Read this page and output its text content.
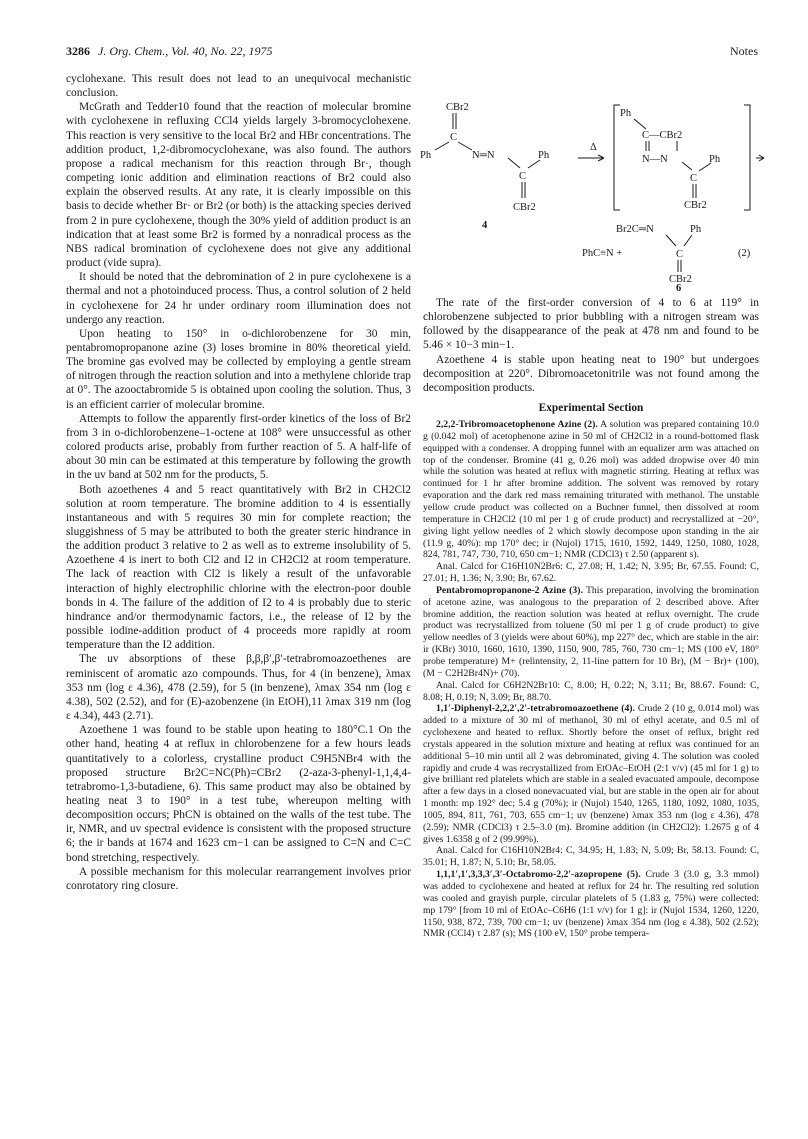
3286 J. Org. Chem., Vol. 40, No. 22, 1975	Notes

cyclohexane. This result does not lead to an unequivocal mechanistic conclusion.

McGrath and Tedder10 found that the reaction of molecular bromine with cyclohexene in refluxing CCl4 yields largely 3-bromocyclohexene. This reaction is very sensitive to the local Br2 and HBr concentrations. The addition product, 1,2-dibromocyclohexane, was also found. The authors propose a radical mechanism for this reaction through Br·, though competing ionic addition and elimination reactions of Br2 could also explain the observed results. At any rate, it is clearly impossible on this basis to decide whether Br· or Br2 (or both) is the attacking species derived from 2 in pure cyclohexene, though the 30% yield of addition product is an indication that at least some Br2 is formed by a nonradical process as the NBS radical bromination of cyclohexene does not give any additional product (vide supra).

It should be noted that the debromination of 2 in pure cyclohexene is a thermal and not a photoinduced process. Thus, a control solution of 2 held in cyclohexene for 24 hr under ordinary room illumination does not undergo any reaction.

Upon heating to 150° in o-dichlorobenzene for 30 min, pentabromopropanone azine (3) loses bromine in 80% theoretical yield. The bromine gas evolved may be collected by employing a gentle stream of nitrogen through the reaction solution and into a methylene chloride trap at 0°. The azooctabromide 5 is obtained upon cooling the solution. Thus, 3 is an efficient carrier of molecular bromine.

Attempts to follow the apparently first-order kinetics of the loss of Br2 from 3 in o-dichlorobenzene–1-octene at 108° were unsuccessful as other colored products arise, probably from further reaction of 5. A half-life of about 30 min can be estimated at this temperature by following the growth in the uv band at 502 nm for the products, 5.

Both azoethenes 4 and 5 react quantitatively with Br2 in CH2Cl2 solution at room temperature. The bromine addition to 4 is essentially instantaneous and with 5 requires 30 min for complete reaction; the sluggishness of 5 may be attributed to both the greater steric hindrance in the addition product 3 relative to 2 as well as to extreme insolubility of 5. Azoethene 4 is inert to both Cl2 and I2 in CH2Cl2 at room temperature. The lack of reaction with Cl2 is likely a result of the unfavorable interaction of highly electrophilic chlorine with the electron-poor double bonds in 4. The failure of the addition of I2 to 4 is probably due to steric hindrance and/or thermodynamic factors, i.e., the release of I2 by the possible iodine-addition product of 4 proceeds more rapidly at room temperature than the I2 addition.

The uv absorptions of these β,β,β′,β′-tetrabromoazoethenes are reminiscent of aromatic azo compounds. Thus, for 4 (in benzene), λmax 353 nm (log ε 4.36), 478 (2.59), for 5 (in benzene), λmax 354 nm (log ε 4.38), 502 (2.52), and for (E)-azobenzene (in EtOH),11 λmax 319 nm (log ε 4.34), 443 (2.71).

Azoethene 1 was found to be stable upon heating to 180°C.1 On the other hand, heating 4 at reflux in chlorobenzene for a few hours leads quantitatively to a colorless, crystalline product C9H5NBr4 with the proposed structure Br2C=NC(Ph)=CBr2 (2-aza-3-phenyl-1,1,4,4-tetrabromo-1,3-butadiene, 6). This same product may also be obtained by heating neat 3 to 190° in a test tube, whereupon melting with decomposition occurs; PhCN is obtained on the walls of the test tube. The ir, NMR, and uv spectral evidence is consistent with the proposed structure 6; the ir bands at 1674 and 1623 cm−1 can be assigned to C=N and C=C bond stretching, respectively.

A possible mechanism for this molecular rearrangement involves prior conrotatory ring closure.

CBr2
C
Ph	N═N
C
Ph
CBr2
4
Δ
Ph
C—CBr2
N—N
C
Ph
CBr2
Br2C═N	Ph
PhC≡N +	C
CBr2
6
(2)

The rate of the first-order conversion of 4 to 6 at 119° in chlorobenzene subjected to prior bubbling with a nitrogen stream was followed by the disappearance of the peak at 478 nm and found to be 5.46 × 10−3 min−1.

Azoethene 4 is stable upon heating neat to 190° but undergoes decomposition at 220°. Dibromoacetonitrile was not found among the decomposition products.

Experimental Section

2,2,2-Tribromoacetophenone Azine (2). A solution was prepared containing 10.0 g (0.042 mol) of acetophenone azine in 50 ml of CH2Cl2 in a round-bottomed flask equipped with a condenser. A dropping funnel with an equalizer arm was attached on top of the condenser. Bromine (41 g, 0.26 mol) was added dropwise over 40 min while the solution was heated at reflux with magnetic stirring. Heating at reflux was continued for 1 hr after bromine addition. The solvent was removed by rotary evaporation and the dark red mass remaining triturated with methanol. The unstable yellow crude product was collected on a Buchner funnel, then dissolved at room temperature in CH2Cl2 (10 ml per 1 g of crude product) and recrystallized at −20°, giving light yellow needles of 2 which slowly decompose upon standing in the air (11.9 g, 40%): mp 170° dec; ir (Nujol) 1715, 1610, 1592, 1449, 1250, 1080, 1028, 824, 781, 747, 730, 710, 650 cm−1; NMR (CDCl3) τ 2.50 (apparent s).

Anal. Calcd for C16H10N2Br6: C, 27.08; H, 1.42; N, 3.95; Br, 67.55. Found: C, 27.01; H, 1.36; N, 3.90; Br, 67.62.

Pentabromopropanone-2 Azine (3). This preparation, involving the bromination of acetone azine, was analogous to the preparation of 2 described above. After bromine addition, the reaction solution was heated at reflux overnight. The crude product was recrystallized from toluene (50 ml per 1 g of crude product) to give yellow needles of 3 (yields were about 60%), mp 227° dec, which are stable in the air: ir (KBr) 3010, 1660, 1610, 1390, 1150, 900, 785, 760, 730 cm−1; MS (100 eV, 180° probe temperature) M+ (relintensity, 2, 11-line pattern for 10 Br), (M − Br)+ (100), (M − C2H2Br4N)+ (70).

Anal. Calcd for C6H2N2Br10: C, 8.00; H, 0.22; N, 3.11; Br, 88.67. Found: C, 8.08; H, 0.19; N, 3.09; Br, 88.70.

1,1′-Diphenyl-2,2,2′,2′-tetrabromoazoethene (4). Crude 2 (10 g, 0.014 mol) was added to a mixture of 30 ml of methanol, 30 ml of ethyl acetate, and 0.5 ml of cyclohexene and heated to reflux. Shortly before the onset of reflux, bright red crystals appeared in the solution mixture and heating at reflux was continued for an additional 5–10 min until all 2 was debrominated, giving 4. The solution was cooled rapidly and crude 4 was recrystallized from EtOAc–EtOH (2:1 v/v) (45 ml for 1 g) to give brilliant red platelets which are stable in a sealed evacuated ampoule, decompose after a few days in a closed nonevacuated vial, but are stable in the open air for about 1 month: mp 192° dec; 5.4 g (70%); ir (Nujol) 1540, 1265, 1180, 1092, 1080, 1035, 1005, 894, 811, 761, 703, 655 cm−1; uv (benzene) λmax 353 nm (log ε 4.36), 478 (2.59); NMR (CDCl3) τ 2.5–3.0 (m). Bromine addition (in CH2Cl2): 1.2675 g of 4 gives 1.6358 g of 2 (99.99%).

Anal. Calcd for C16H10N2Br4: C, 34.95; H, 1.83; N, 5.09; Br, 58.13. Found: C, 35.01; H, 1.87; N, 5.10; Br, 58.05.

1,1,1′,1′,3,3,3′,3′-Octabromo-2,2′-azopropene (5). Crude 3 (3.0 g, 3.3 mmol) was added to cyclohexene and heated at reflux for 24 hr. The resulting red solution was cooled and grayish purple, circular platelets of 5 (1.83 g, 75%) were collected: mp 179° [from 10 ml of EtOAc–C6H6 (1:1 v/v) for 1 g]: ir (Nujol 1534, 1260, 1220, 1150, 938, 872, 739, 700 cm−1; uv (benzene) λmax 354 nm (log ε 4.38), 502 (2.52); NMR (CCl4) τ 2.87 (s); MS (100 eV, 150° probe tempera-
